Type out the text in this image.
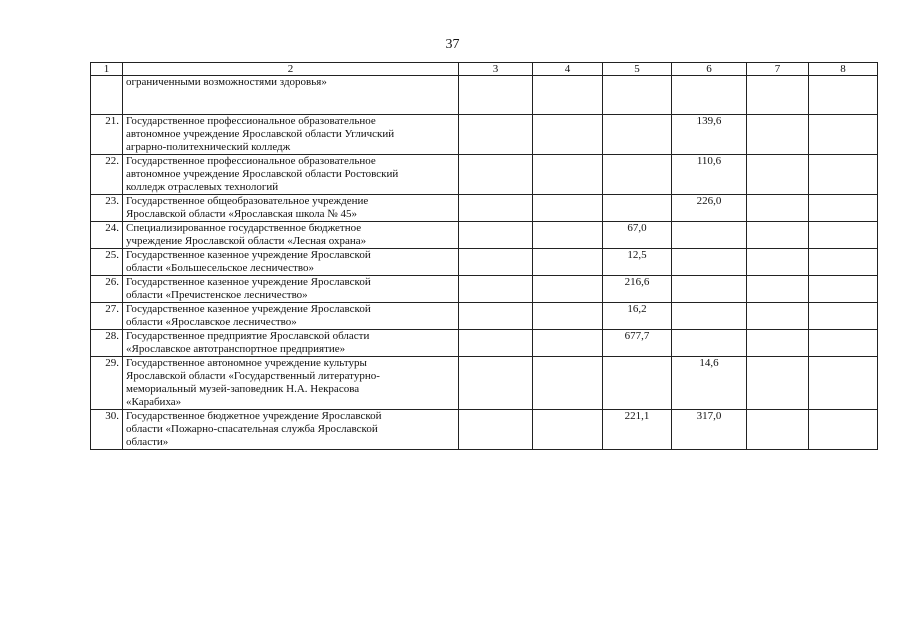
37
1	2	3	4	5	6	7	8

	ограниченными возможностями здоровья»						

21.	Государственное профессиональное образовательное
автономное учреждение Ярославской области Угличский
аграрно-политехнический колледж				139,6		
22.	Государственное профессиональное образовательное
автономное учреждение Ярославской области Ростовский
колледж отраслевых технологий				110,6		
23.	Государственное общеобразовательное учреждение
Ярославской области «Ярославская школа № 45»				226,0		
24.	Специализированное государственное бюджетное
учреждение Ярославской области «Лесная охрана»			67,0			
25.	Государственное казенное учреждение Ярославской
области «Большесельское лесничество»			12,5			
26.	Государственное казенное учреждение Ярославской
области «Пречистенское лесничество»			216,6			
27.	Государственное казенное учреждение Ярославской
области «Ярославское лесничество»			16,2			
28.	Государственное предприятие Ярославской области
«Ярославское автотранспортное предприятие»			677,7			
29.	Государственное автономное учреждение культуры
Ярославской области «Государственный литературно-
мемориальный музей-заповедник Н.А. Некрасова
«Карабиха»				14,6		
30.	Государственное бюджетное учреждение Ярославской
области «Пожарно-спасательная служба Ярославской
области»			221,1	317,0		
